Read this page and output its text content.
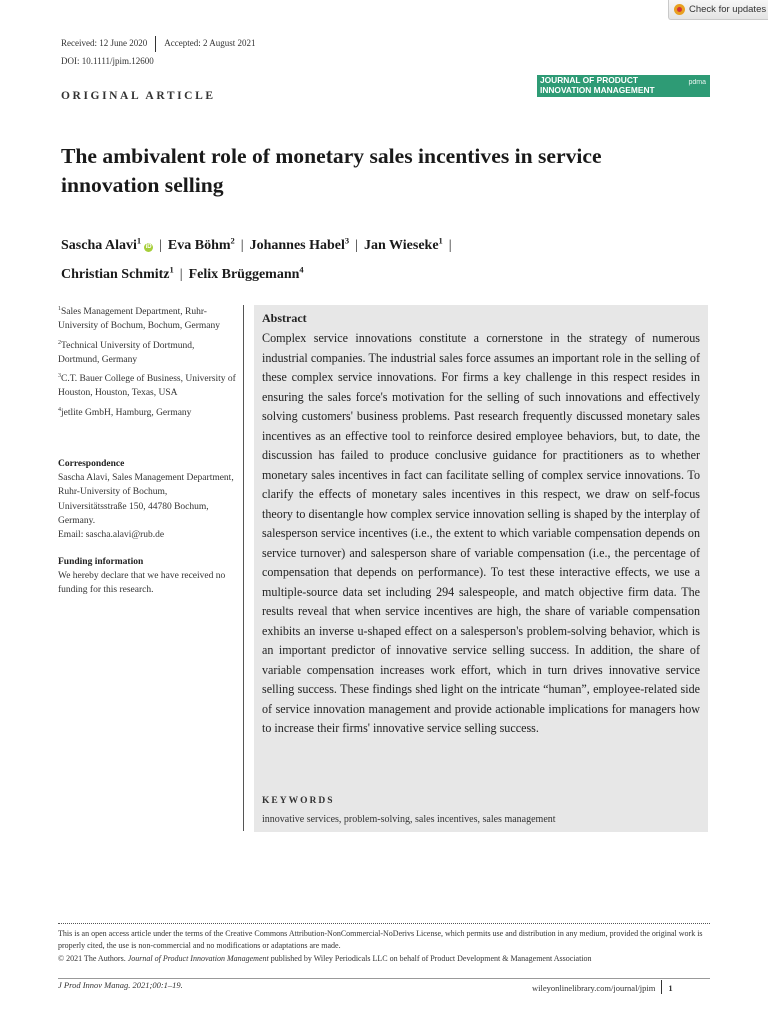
Check for updates
Received: 12 June 2020 Accepted: 2 August 2021
DOI: 10.1111/jpim.12600
ORIGINAL ARTICLE
JOURNAL OF PRODUCT
INNOVATION MANAGEMENT
pdma
The ambivalent role of monetary sales incentives in service
innovation selling
Sascha Alavi$^1$iD | Eva Böhm$^2$ | Johannes Habel$^3$ | Jan Wieseke$^1$ |
Christian Schmitz$^1$ | Felix Brüggemann$^4$
$^1$Sales Management Department, Ruhr-University of Bochum, Bochum, Germany
$^2$Technical University of Dortmund, Dortmund, Germany
$^3$C.T. Bauer College of Business, University of Houston, Houston, Texas, USA
$^4$jetlite GmbH, Hamburg, Germany
Correspondence
Sascha Alavi, Sales Management Department, Ruhr-University of Bochum, Universitätsstraße 150, 44780 Bochum, Germany.
Email: sascha.alavi@rub.de
Funding information
We hereby declare that we have received no funding for this research.
Abstract
Complex service innovations constitute a cornerstone in the strategy of numerous industrial companies. The industrial sales force assumes an important role in the selling of these complex service innovations. For firms a key challenge in this respect resides in ensuring the sales force's motivation for the selling of such innovations and effectively solving customers' business problems. Past research frequently discussed monetary sales incentives as an effective tool to reinforce desired employee behaviors, but, to date, the discussion has failed to produce conclusive guidance for practitioners as to whether monetary sales incentives in fact can facilitate selling of complex service innovations. To clarify the effects of monetary sales incentives in this respect, we draw on self-focus theory to disentangle how complex service innovation selling is shaped by the interplay of salesperson service incentives (i.e., the extent to which variable compensation depends on service turnover) and salesperson share of variable compensation (i.e., the percentage of compensation that depends on performance). To test these interactive effects, we use a multiple-source data set including 294 salespeople, and match objective firm data. The results reveal that when service incentives are high, the share of variable compensation exhibits an inverse u-shaped effect on a salesperson's problem-solving behavior, which is an important predictor of innovative service selling success. In addition, the share of variable compensation increases work effort, which in turn drives innovative service selling success. These findings shed light on the intricate “human”, employee-related side of service innovation management and provide actionable implications for managers how to increase their firms' innovative service selling success.
KEYWORDS
innovative services, problem-solving, sales incentives, sales management
This is an open access article under the terms of the Creative Commons Attribution-NonCommercial-NoDerivs License, which permits use and distribution in any medium, provided the original work is properly cited, the use is non-commercial and no modifications or adaptations are made.
© 2021 The Authors. Journal of Product Innovation Management published by Wiley Periodicals LLC on behalf of Product Development & Management Association
J Prod Innov Manag. 2021;00:1–19.	wileyonlinelibrary.com/journal/jpim 1
